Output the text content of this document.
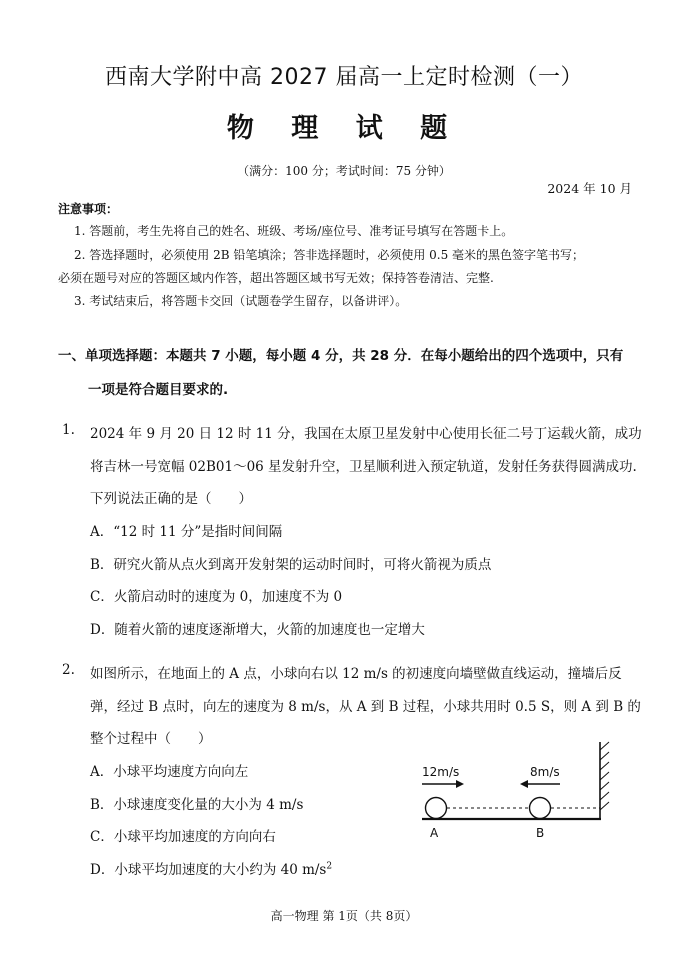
西南大学附中高 2027 届高一上定时检测（一）
物 理 试 题
（满分：100 分；考试时间：75 分钟）
2024 年 10 月
注意事项：
1. 答题前，考生先将自己的姓名、班级、考场/座位号、准考证号填写在答题卡上。
2. 答选择题时，必须使用 2B 铅笔填涂；答非选择题时，必须使用 0.5 毫米的黑色签字笔书写；
必须在题号对应的答题区域内作答，超出答题区域书写无效；保持答卷清洁、完整.
3. 考试结束后，将答题卡交回（试题卷学生留存，以备讲评）。
一、单项选择题：本题共 7 小题，每小题 4 分，共 28 分．在每小题给出的四个选项中，只有
一项是符合题目要求的.
1. 2024 年 9 月 20 日 12 时 11 分，我国在太原卫星发射中心使用长征二号丁运载火箭，成功
将吉林一号宽幅 02B01～06 星发射升空，卫星顺利进入预定轨道，发射任务获得圆满成功.
下列说法正确的是（　　）
A．“12 时 11 分”是指时间间隔
B．研究火箭从点火到离开发射架的运动时间时，可将火箭视为质点
C．火箭启动时的速度为 0，加速度不为 0
D．随着火箭的速度逐渐增大，火箭的加速度也一定增大
2. 如图所示，在地面上的 A 点，小球向右以 12 m/s 的初速度向墙壁做直线运动，撞墙后反
弹，经过 B 点时，向左的速度为 8 m/s，从 A 到 B 过程，小球共用时 0.5 S，则 A 到 B 的
整个过程中（　　）
A．小球平均速度方向向左
B．小球速度变化量的大小为 4 m/s
C．小球平均加速度的方向向右
D．小球平均加速度的大小约为 40 $m/s^2$
12m/s	8m/s
A	B
高一物理 第 1页（共 8页）
